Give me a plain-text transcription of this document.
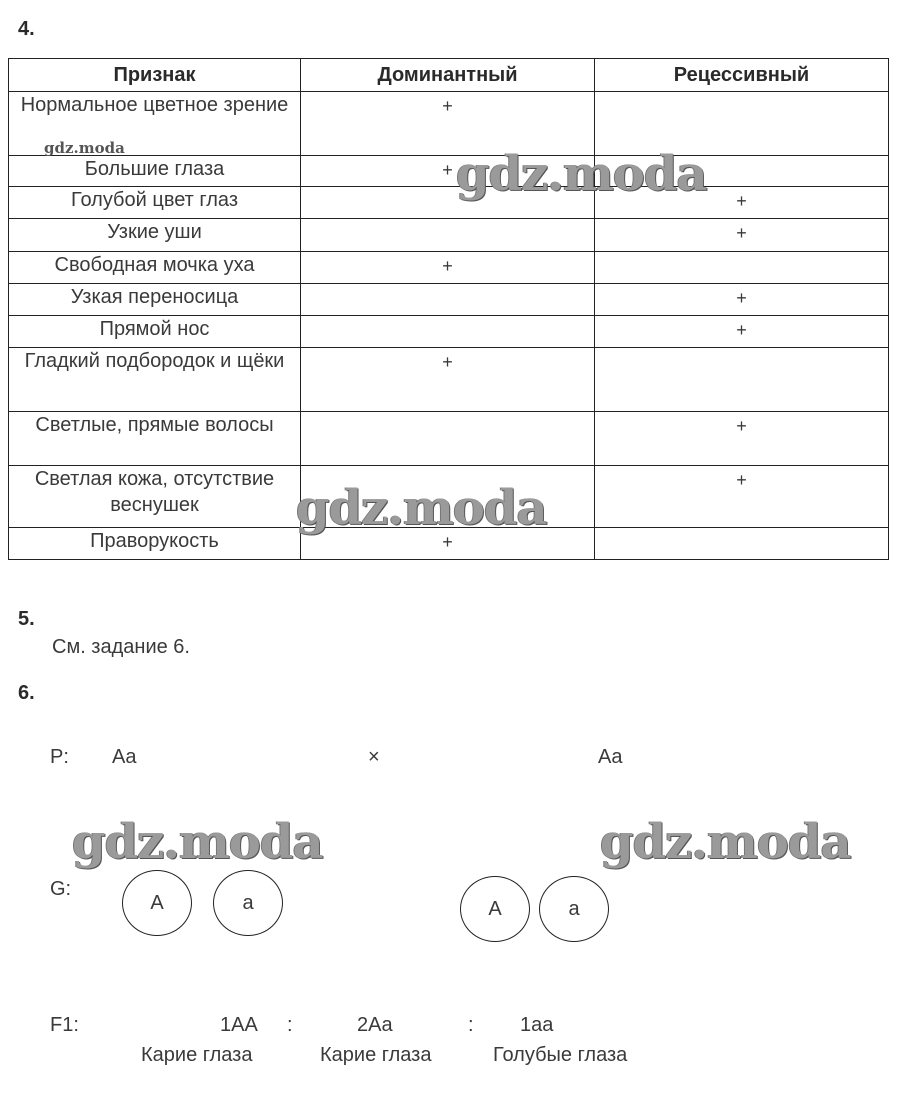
4.
Признак	Доминантный	Рецессивный
Нормальное цветное зрение	+	
Большие глаза	+	
Голубой цвет глаз		+
Узкие уши		+
Свободная мочка уха	+	
Узкая переносица		+
Прямой нос		+
Гладкий подбородок и щёки	+	
Светлые, прямые волосы		+
Светлая кожа, отсутствие веснушек		+
Праворукость	+	
gdz.moda	gdz.moda
gdz.moda
5.
См. задание 6.
6.
P: Aa	×	Aa
gdz.moda	gdz.moda
G:
A	a	A	a
F1:	1AA :	2Aa	: 1aa
Карие глаза	Карие глаза	Голубые глаза
